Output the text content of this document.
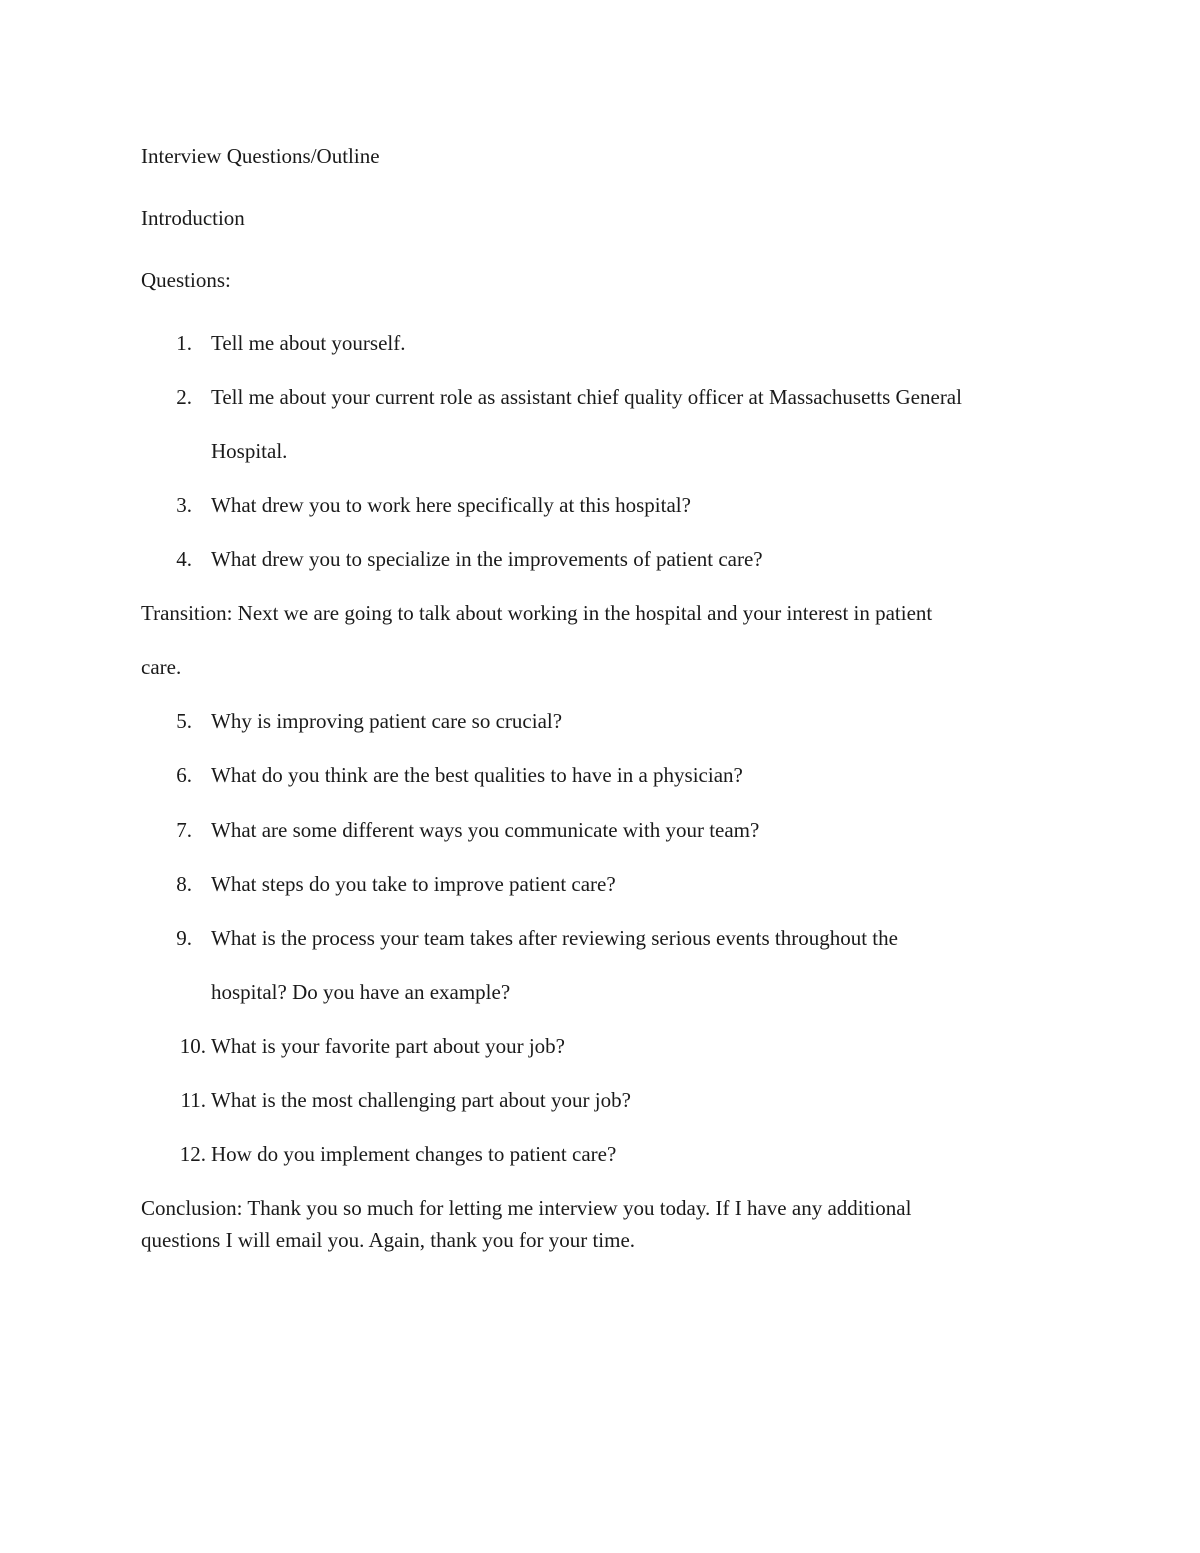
Interview Questions/Outline
Introduction
Questions:
1. Tell me about yourself.
2. Tell me about your current role as assistant chief quality officer at Massachusetts General
Hospital.
3. What drew you to work here specifically at this hospital?
4. What drew you to specialize in the improvements of patient care?
Transition: Next we are going to talk about working in the hospital and your interest in patient
care.
5. Why is improving patient care so crucial?
6. What do you think are the best qualities to have in a physician?
7. What are some different ways you communicate with your team?
8. What steps do you take to improve patient care?
9. What is the process your team takes after reviewing serious events throughout the
hospital? Do you have an example?
10. What is your favorite part about your job?
11. What is the most challenging part about your job?
12. How do you implement changes to patient care?
Conclusion: Thank you so much for letting me interview you today. If I have any additional
questions I will email you. Again, thank you for your time.
